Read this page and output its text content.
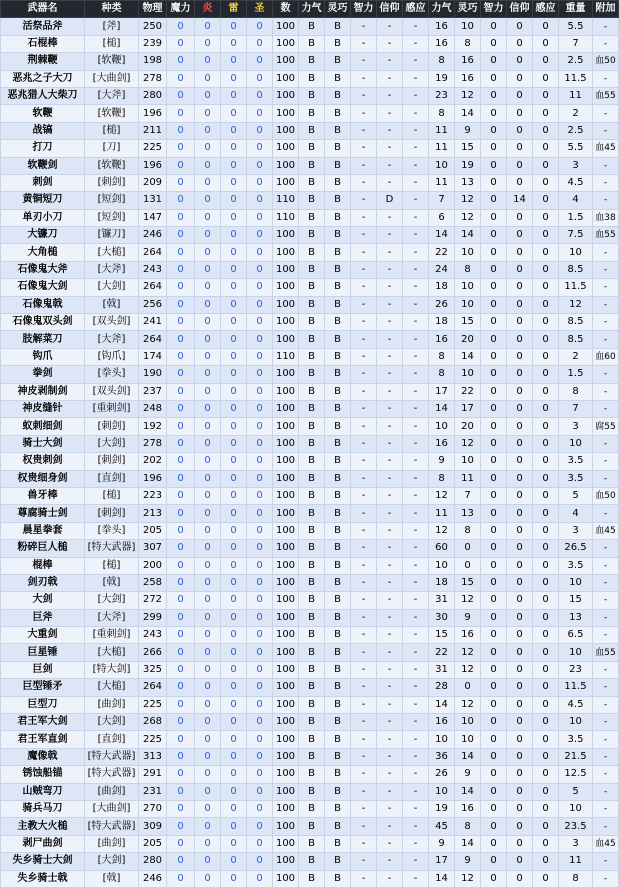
武器名	种类	物理	魔力	炎	雷	圣	数	力气	灵巧	智力	信仰	感应	力气	灵巧	智力	信仰	感应	重量	附加
活祭品斧	[斧]	250	0	0	0	0	100	B	B	-	-	-	16	10	0	0	0	5.5	-
石棍棒	[槌]	239	0	0	0	0	100	B	B	-	-	-	16	8	0	0	0	7	-
荆棘鞭	[软鞭]	198	0	0	0	0	100	B	B	-	-	-	8	16	0	0	0	2.5	血50
恶兆之子大刀	[大曲剑]	278	0	0	0	0	100	B	B	-	-	-	19	16	0	0	0	11.5	-
恶兆猎人大柴刀	[大斧]	280	0	0	0	0	100	B	B	-	-	-	23	12	0	0	0	11	血55
软鞭	[软鞭]	196	0	0	0	0	100	B	B	-	-	-	8	14	0	0	0	2	-
战镐	[槌]	211	0	0	0	0	100	B	B	-	-	-	11	9	0	0	0	2.5	-
打刀	[刀]	225	0	0	0	0	100	B	B	-	-	-	11	15	0	0	0	5.5	血45
软鞭剑	[软鞭]	196	0	0	0	0	100	B	B	-	-	-	10	19	0	0	0	3	-
刺剑	[刺剑]	209	0	0	0	0	100	B	B	-	-	-	11	13	0	0	0	4.5	-
黄铜短刀	[短剑]	131	0	0	0	0	110	B	B	-	D	-	7	12	0	14	0	4	-
单刃小刀	[短剑]	147	0	0	0	0	110	B	B	-	-	-	6	12	0	0	0	1.5	血38
大镰刀	[镰刀]	246	0	0	0	0	100	B	B	-	-	-	14	14	0	0	0	7.5	血55
大角槌	[大槌]	264	0	0	0	0	100	B	B	-	-	-	22	10	0	0	0	10	-
石像鬼大斧	[大斧]	243	0	0	0	0	100	B	B	-	-	-	24	8	0	0	0	8.5	-
石像鬼大剑	[大剑]	264	0	0	0	0	100	B	B	-	-	-	18	10	0	0	0	11.5	-
石像鬼戟	[戟]	256	0	0	0	0	100	B	B	-	-	-	26	10	0	0	0	12	-
石像鬼双头剑	[双头剑]	241	0	0	0	0	100	B	B	-	-	-	18	15	0	0	0	8.5	-
肢解菜刀	[大斧]	264	0	0	0	0	100	B	B	-	-	-	16	20	0	0	0	8.5	-
钩爪	[钩爪]	174	0	0	0	0	110	B	B	-	-	-	8	14	0	0	0	2	血60
拳剑	[拳头]	190	0	0	0	0	100	B	B	-	-	-	8	10	0	0	0	1.5	-
神皮剥制剑	[双头剑]	237	0	0	0	0	100	B	B	-	-	-	17	22	0	0	0	8	-
神皮缝针	[重刺剑]	248	0	0	0	0	100	B	B	-	-	-	14	17	0	0	0	7	-
蚁刺细剑	[刺剑]	192	0	0	0	0	100	B	B	-	-	-	10	20	0	0	0	3	腐55
骑士大剑	[大剑]	278	0	0	0	0	100	B	B	-	-	-	16	12	0	0	0	10	-
权贵刺剑	[刺剑]	202	0	0	0	0	100	B	B	-	-	-	9	10	0	0	0	3.5	-
权贵细身剑	[直剑]	196	0	0	0	0	100	B	B	-	-	-	8	11	0	0	0	3.5	-
兽牙棒	[槌]	223	0	0	0	0	100	B	B	-	-	-	12	7	0	0	0	5	血50
尊腐骑士剑	[刺剑]	213	0	0	0	0	100	B	B	-	-	-	11	13	0	0	0	4	-
晨星拳套	[拳头]	205	0	0	0	0	100	B	B	-	-	-	12	8	0	0	0	3	血45
粉碎巨人槌	[特大武器]	307	0	0	0	0	100	B	B	-	-	-	60	0	0	0	0	26.5	-
棍棒	[槌]	200	0	0	0	0	100	B	B	-	-	-	10	0	0	0	0	3.5	-
剑刃戟	[戟]	258	0	0	0	0	100	B	B	-	-	-	18	15	0	0	0	10	-
大剑	[大剑]	272	0	0	0	0	100	B	B	-	-	-	31	12	0	0	0	15	-
巨斧	[大斧]	299	0	0	0	0	100	B	B	-	-	-	30	9	0	0	0	13	-
大重剑	[重刺剑]	243	0	0	0	0	100	B	B	-	-	-	15	16	0	0	0	6.5	-
巨星锤	[大槌]	266	0	0	0	0	100	B	B	-	-	-	22	12	0	0	0	10	血55
巨剑	[特大剑]	325	0	0	0	0	100	B	B	-	-	-	31	12	0	0	0	23	-
巨型锤矛	[大槌]	264	0	0	0	0	100	B	B	-	-	-	28	0	0	0	0	11.5	-
巨型刀	[曲剑]	225	0	0	0	0	100	B	B	-	-	-	14	12	0	0	0	4.5	-
君王军大剑	[大剑]	268	0	0	0	0	100	B	B	-	-	-	16	10	0	0	0	10	-
君王军直剑	[直剑]	225	0	0	0	0	100	B	B	-	-	-	10	10	0	0	0	3.5	-
魔像戟	[特大武器]	313	0	0	0	0	100	B	B	-	-	-	36	14	0	0	0	21.5	-
锈蚀船锚	[特大武器]	291	0	0	0	0	100	B	B	-	-	-	26	9	0	0	0	12.5	-
山贼弯刀	[曲剑]	231	0	0	0	0	100	B	B	-	-	-	10	14	0	0	0	5	-
骑兵马刀	[大曲剑]	270	0	0	0	0	100	B	B	-	-	-	19	16	0	0	0	10	-
主教大火槌	[特大武器]	309	0	0	0	0	100	B	B	-	-	-	45	8	0	0	0	23.5	-
剥尸曲剑	[曲剑]	205	0	0	0	0	100	B	B	-	-	-	9	14	0	0	0	3	血45
失乡骑士大剑	[大剑]	280	0	0	0	0	100	B	B	-	-	-	17	9	0	0	0	11	-
失乡骑士戟	[戟]	246	0	0	0	0	100	B	B	-	-	-	14	12	0	0	0	8	-
